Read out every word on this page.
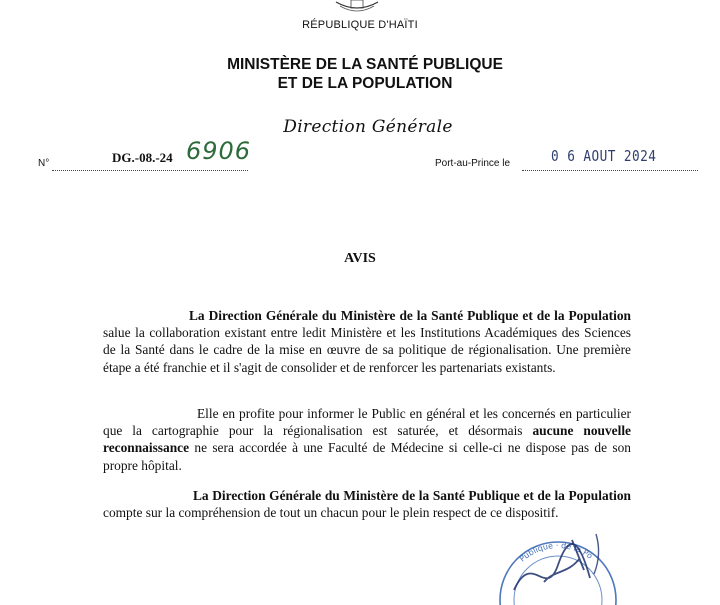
RÉPUBLIQUE D'HAÏTI
MINISTÈRE DE LA SANTÉ PUBLIQUE
ET DE LA POPULATION
Direction Générale
N°	DG.-08.-24 6906	Port-au-Prince le	0 6 AOUT 2024
AVIS
La Direction Générale du Ministère de la Santé Publique et de la Population salue la collaboration existant entre ledit Ministère et les Institutions Académiques des Sciences de la Santé dans le cadre de la mise en œuvre de sa politique de régionalisation. Une première étape a été franchie et il s'agit de consolider et de renforcer les partenariats existants.
Elle en profite pour informer le Public en général et les concernés en particulier que la cartographie pour la régionalisation est saturée, et désormais aucune nouvelle reconnaissance ne sera accordée à une Faculté de Médecine si celle-ci ne dispose pas de son propre hôpital.
La Direction Générale du Ministère de la Santé Publique et de la Population compte sur la compréhension de tout un chacun pour le plein respect de ce dispositif.
Publique · de la Po
